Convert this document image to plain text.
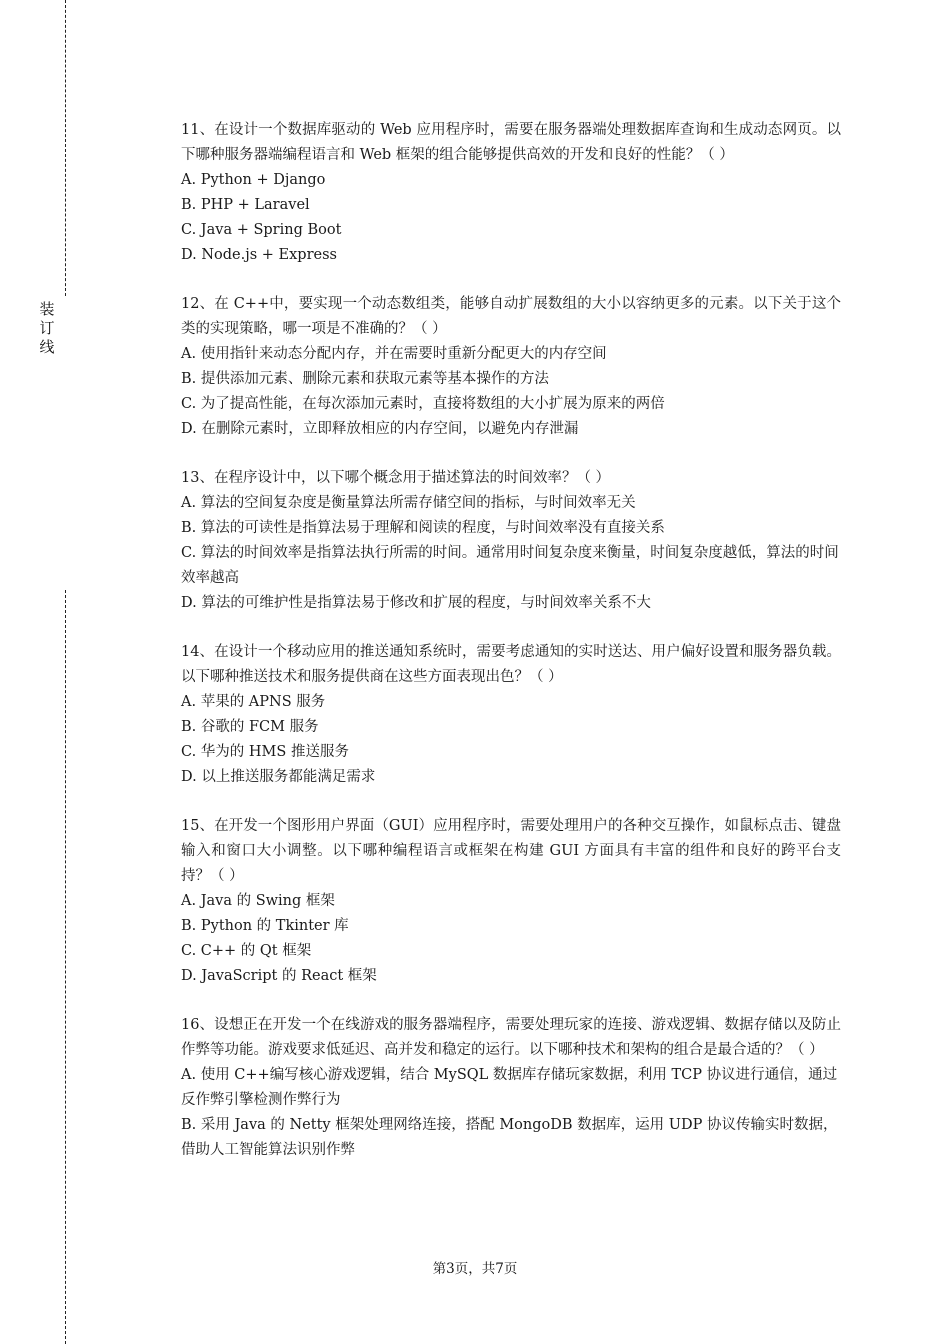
装
订
线

11、在设计一个数据库驱动的 Web 应用程序时，需要在服务器端处理数据库查询和生成动态网页。以下哪种服务器端编程语言和 Web 框架的组合能够提供高效的开发和良好的性能？（ ）

A. Python + Django

B. PHP + Laravel

C. Java + Spring Boot

D. Node.js + Express

12、在 C++中，要实现一个动态数组类，能够自动扩展数组的大小以容纳更多的元素。以下关于这个类的实现策略，哪一项是不准确的？（ ）

A. 使用指针来动态分配内存，并在需要时重新分配更大的内存空间

B. 提供添加元素、删除元素和获取元素等基本操作的方法

C. 为了提高性能，在每次添加元素时，直接将数组的大小扩展为原来的两倍

D. 在删除元素时，立即释放相应的内存空间，以避免内存泄漏

13、在程序设计中，以下哪个概念用于描述算法的时间效率？（ ）

A. 算法的空间复杂度是衡量算法所需存储空间的指标，与时间效率无关

B. 算法的可读性是指算法易于理解和阅读的程度，与时间效率没有直接关系

C. 算法的时间效率是指算法执行所需的时间。通常用时间复杂度来衡量，时间复杂度越低，算法的时间效率越高

D. 算法的可维护性是指算法易于修改和扩展的程度，与时间效率关系不大

14、在设计一个移动应用的推送通知系统时，需要考虑通知的实时送达、用户偏好设置和服务器负载。以下哪种推送技术和服务提供商在这些方面表现出色？（ ）

A. 苹果的 APNS 服务

B. 谷歌的 FCM 服务

C. 华为的 HMS 推送服务

D. 以上推送服务都能满足需求

15、在开发一个图形用户界面（GUI）应用程序时，需要处理用户的各种交互操作，如鼠标点击、键盘输入和窗口大小调整。以下哪种编程语言或框架在构建 GUI 方面具有丰富的组件和良好的跨平台支持？（ ）

A. Java 的 Swing 框架

B. Python 的 Tkinter 库

C. C++ 的 Qt 框架

D. JavaScript 的 React 框架

16、设想正在开发一个在线游戏的服务器端程序，需要处理玩家的连接、游戏逻辑、数据存储以及防止作弊等功能。游戏要求低延迟、高并发和稳定的运行。以下哪种技术和架构的组合是最合适的？（ ）

A. 使用 C++编写核心游戏逻辑，结合 MySQL 数据库存储玩家数据，利用 TCP 协议进行通信，通过反作弊引擎检测作弊行为

B. 采用 Java 的 Netty 框架处理网络连接，搭配 MongoDB 数据库，运用 UDP 协议传输实时数据，借助人工智能算法识别作弊

第3页，共7页
